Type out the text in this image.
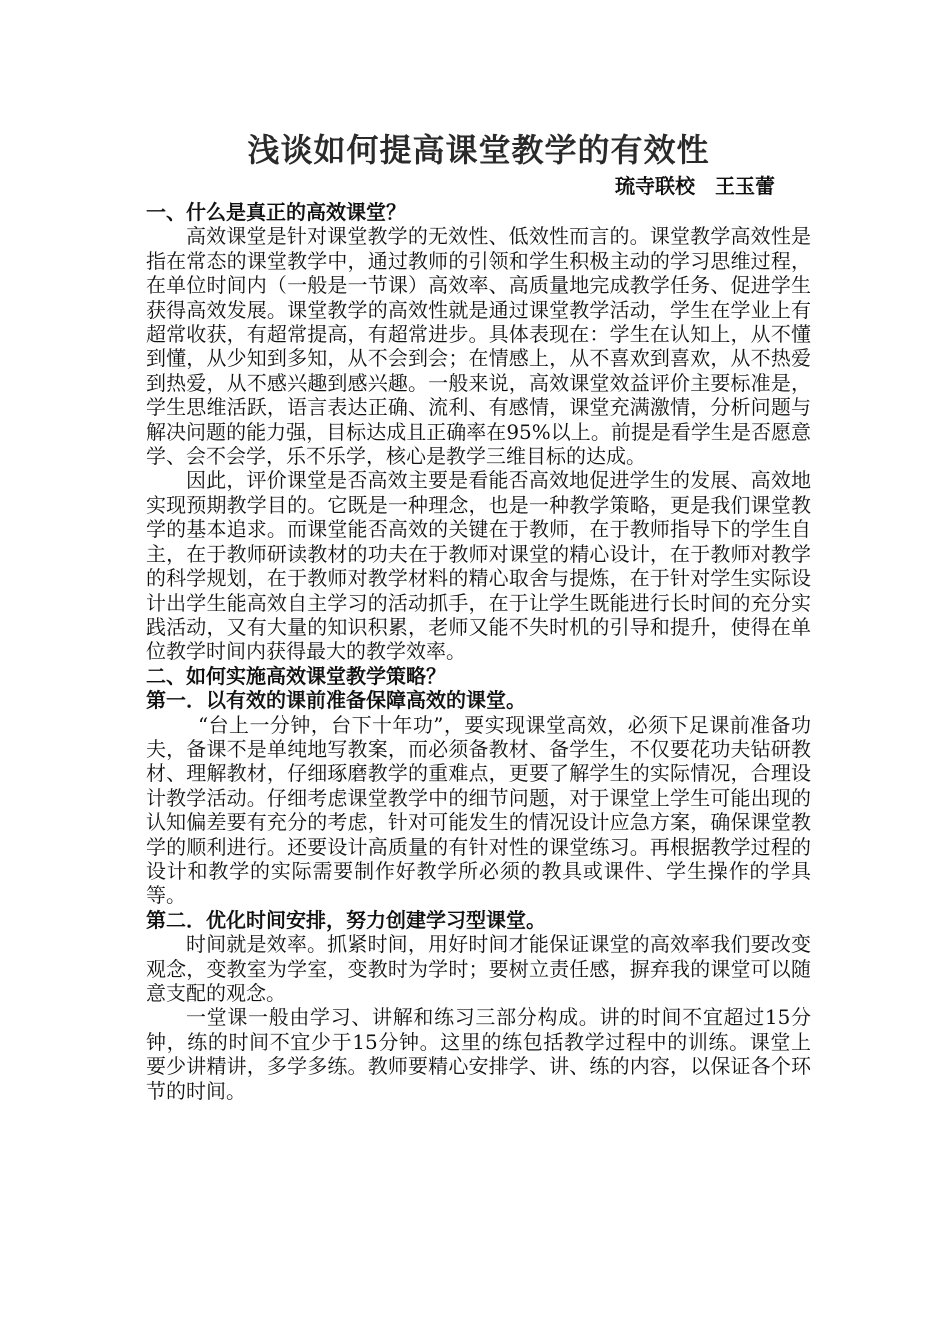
浅谈如何提高课堂教学的有效性

琉寺联校　王玉蕾

一、什么是真正的高效课堂？

高效课堂是针对课堂教学的无效性、低效性而言的。课堂教学高效性是指在常态的课堂教学中，通过教师的引领和学生积极主动的学习思维过程，在单位时间内（一般是一节课）高效率、高质量地完成教学任务、促进学生获得高效发展。课堂教学的高效性就是通过课堂教学活动，学生在学业上有超常收获，有超常提高，有超常进步。具体表现在：学生在认知上，从不懂到懂，从少知到多知，从不会到会；在情感上，从不喜欢到喜欢，从不热爱到热爱，从不感兴趣到感兴趣。一般来说，高效课堂效益评价主要标准是，学生思维活跃，语言表达正确、流利、有感情，课堂充满激情，分析问题与解决问题的能力强，目标达成且正确率在95%以上。前提是看学生是否愿意学、会不会学，乐不乐学，核心是教学三维目标的达成。

因此，评价课堂是否高效主要是看能否高效地促进学生的发展、高效地实现预期教学目的。它既是一种理念，也是一种教学策略，更是我们课堂教学的基本追求。而课堂能否高效的关键在于教师，在于教师指导下的学生自主，在于教师研读教材的功夫在于教师对课堂的精心设计，在于教师对教学的科学规划，在于教师对教学材料的精心取舍与提炼，在于针对学生实际设计出学生能高效自主学习的活动抓手，在于让学生既能进行长时间的充分实践活动，又有大量的知识积累，老师又能不失时机的引导和提升，使得在单位教学时间内获得最大的教学效率。

二、如何实施高效课堂教学策略？

第一．以有效的课前准备保障高效的课堂。

“台上一分钟，台下十年功”，要实现课堂高效，必须下足课前准备功夫，备课不是单纯地写教案，而必须备教材、备学生，不仅要花功夫钻研教材、理解教材，仔细琢磨教学的重难点，更要了解学生的实际情况，合理设计教学活动。仔细考虑课堂教学中的细节问题，对于课堂上学生可能出现的认知偏差要有充分的考虑，针对可能发生的情况设计应急方案，确保课堂教学的顺利进行。还要设计高质量的有针对性的课堂练习。再根据教学过程的设计和教学的实际需要制作好教学所必须的教具或课件、学生操作的学具等。

第二．优化时间安排，努力创建学习型课堂。

时间就是效率。抓紧时间，用好时间才能保证课堂的高效率我们要改变观念，变教室为学室，变教时为学时；要树立责任感，摒弃我的课堂可以随意支配的观念。

一堂课一般由学习、讲解和练习三部分构成。讲的时间不宜超过15分钟，练的时间不宜少于15分钟。这里的练包括教学过程中的训练。课堂上要少讲精讲，多学多练。教师要精心安排学、讲、练的内容，以保证各个环节的时间。
